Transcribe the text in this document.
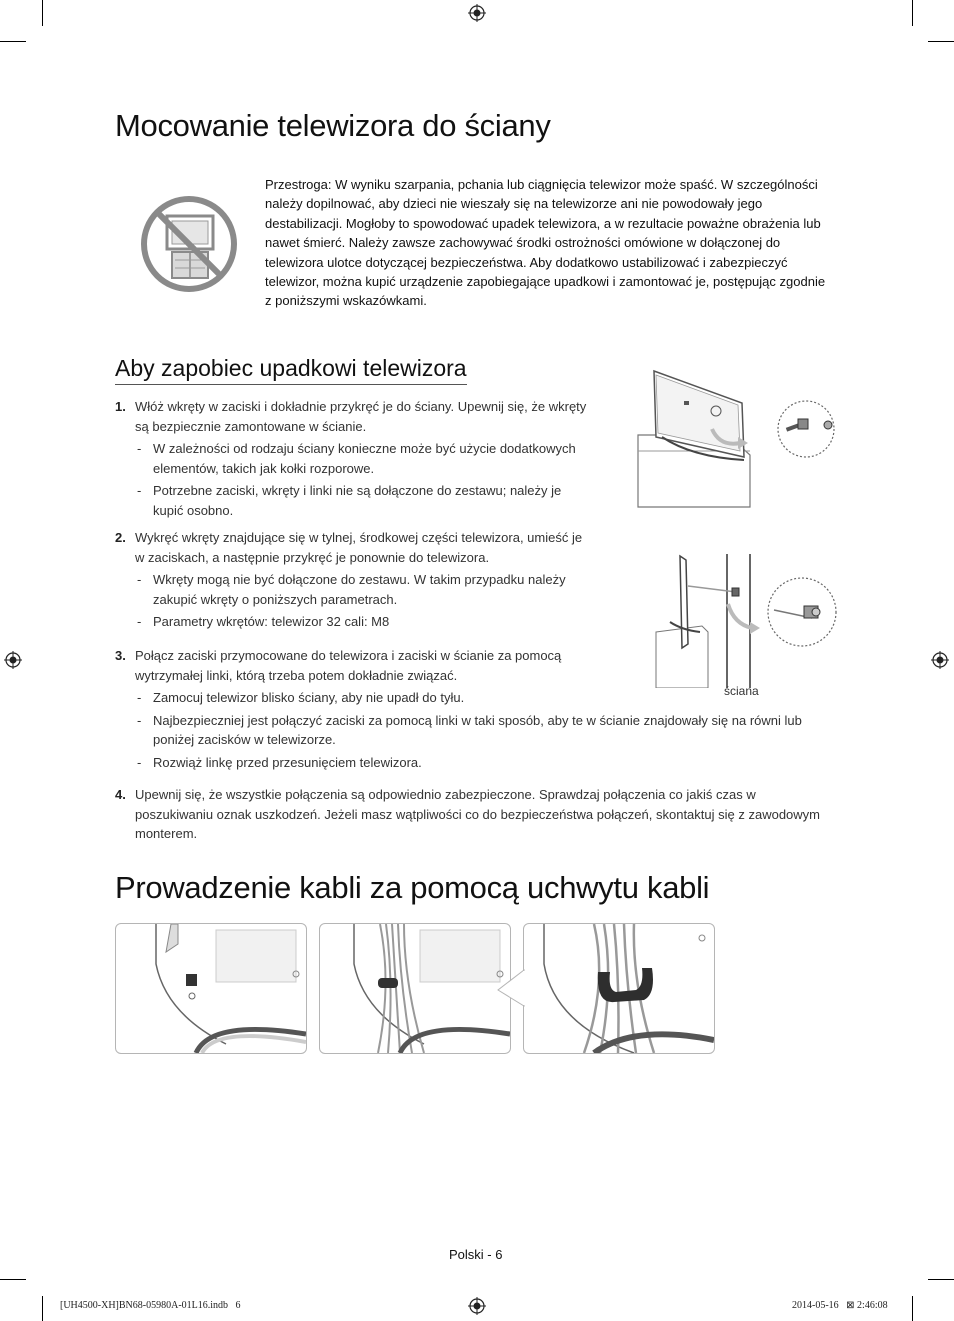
Mocowanie telewizora do ściany
Przestroga: W wyniku szarpania, pchania lub ciągnięcia telewizor może spaść. W szczególności należy dopilnować, aby dzieci nie wieszały się na telewizorze ani nie powodowały jego destabilizacji. Mogłoby to spowodować upadek telewizora, a w rezultacie poważne obrażenia lub nawet śmierć. Należy zawsze zachowywać środki ostrożności omówione w dołączonej do telewizora ulotce dotyczącej bezpieczeństwa. Aby dodatkowo ustabilizować i zabezpieczyć telewizor, można kupić urządzenie zapobiegające upadkowi i zamontować je, postępując zgodnie z poniższymi wskazówkami.
Aby zapobiec upadkowi telewizora
1. Włóż wkręty w zaciski i dokładnie przykręć je do ściany. Upewnij się, że wkręty są bezpiecznie zamontowane w ścianie.
- W zależności od rodzaju ściany konieczne może być użycie dodatkowych elementów, takich jak kołki rozporowe.
- Potrzebne zaciski, wkręty i linki nie są dołączone do zestawu; należy je kupić osobno.
2. Wykręć wkręty znajdujące się w tylnej, środkowej części telewizora, umieść je w zaciskach, a następnie przykręć je ponownie do telewizora.
- Wkręty mogą nie być dołączone do zestawu. W takim przypadku należy zakupić wkręty o poniższych parametrach.
- Parametry wkrętów: telewizor 32 cali: M8
3. Połącz zaciski przymocowane do telewizora i zaciski w ścianie za pomocą wytrzymałej linki, którą trzeba potem dokładnie związać.
- Zamocuj telewizor blisko ściany, aby nie upadł do tyłu.
- Najbezpieczniej jest połączyć zaciski za pomocą linki w taki sposób, aby te w ścianie znajdowały się na równi lub poniżej zacisków w telewizorze.
- Rozwiąż linkę przed przesunięciem telewizora.
4. Upewnij się, że wszystkie połączenia są odpowiednio zabezpieczone. Sprawdzaj połączenia co jakiś czas w poszukiwaniu oznak uszkodzeń. Jeżeli masz wątpliwości co do bezpieczeństwa połączeń, skontaktuj się z zawodowym monterem.
ściana
Prowadzenie kabli za pomocą uchwytu kabli
Polski - 6
[UH4500-XH]BN68-05980A-01L16.indb   6	2014-05-16   ⊠ 2:46:08
